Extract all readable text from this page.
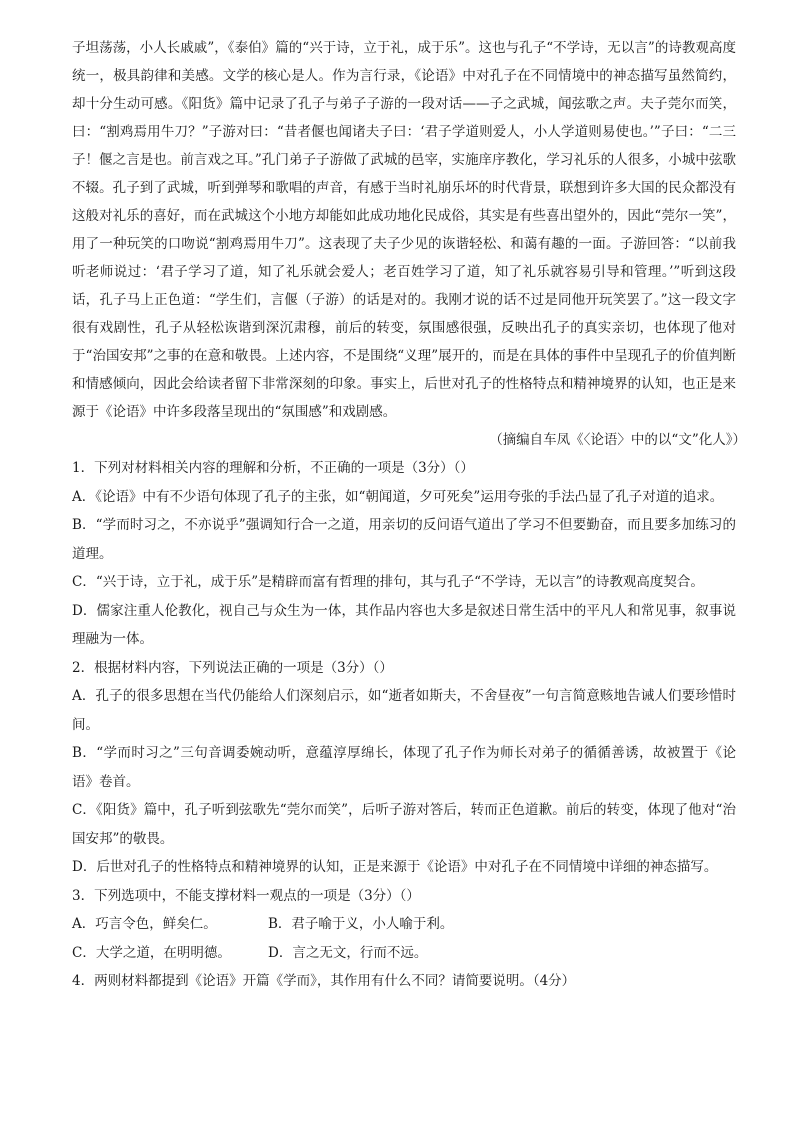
子坦荡荡，小人长戚戚”，《泰伯》篇的“兴于诗，立于礼，成于乐”。这也与孔子“不学诗，无以言”的诗教观高度统一，极具韵律和美感。文学的核心是人。作为言行录，《论语》中对孔子在不同情境中的神态描写虽然简约，却十分生动可感。《阳货》篇中记录了孔子与弟子子游的一段对话——子之武城，闻弦歌之声。夫子莞尔而笑，曰：“割鸡焉用牛刀？”子游对曰：“昔者偃也闻诸夫子曰：‘君子学道则爱人，小人学道则易使也。’”子曰：“二三子！偃之言是也。前言戏之耳。”孔门弟子子游做了武城的邑宰，实施庠序教化，学习礼乐的人很多，小城中弦歌不辍。孔子到了武城，听到弹琴和歌唱的声音，有感于当时礼崩乐坏的时代背景，联想到许多大国的民众都没有这般对礼乐的喜好，而在武城这个小地方却能如此成功地化民成俗，其实是有些喜出望外的，因此“莞尔一笑”，用了一种玩笑的口吻说“割鸡焉用牛刀”。这表现了夫子少见的诙谐轻松、和蔼有趣的一面。子游回答：“以前我听老师说过：‘君子学习了道，知了礼乐就会爱人；老百姓学习了道，知了礼乐就容易引导和管理。’”听到这段话，孔子马上正色道：“学生们，言偃（子游）的话是对的。我刚才说的话不过是同他开玩笑罢了。”这一段文字很有戏剧性，孔子从轻松诙谐到深沉肃穆，前后的转变，氛围感很强，反映出孔子的真实亲切，也体现了他对于“治国安邦”之事的在意和敬畏。上述内容，不是围绕“义理”展开的，而是在具体的事件中呈现孔子的价值判断和情感倾向，因此会给读者留下非常深刻的印象。事实上，后世对孔子的性格特点和精神境界的认知，也正是来源于《论语》中许多段落呈现出的“氛围感”和戏剧感。

（摘编自车凤《〈论语〉中的以“文”化人》）

1．下列对材料相关内容的理解和分析，不正确的一项是（3分）（）

A．《论语》中有不少语句体现了孔子的主张，如“朝闻道，夕可死矣”运用夸张的手法凸显了孔子对道的追求。

B．“学而时习之，不亦说乎”强调知行合一之道，用亲切的反问语气道出了学习不但要勤奋，而且要多加练习的道理。

C．“兴于诗，立于礼，成于乐”是精辟而富有哲理的排句，其与孔子“不学诗，无以言”的诗教观高度契合。

D．儒家注重人伦教化，视自己与众生为一体，其作品内容也大多是叙述日常生活中的平凡人和常见事，叙事说理融为一体。

2．根据材料内容，下列说法正确的一项是（3分）（）

A．孔子的很多思想在当代仍能给人们深刻启示，如“逝者如斯夫，不舍昼夜”一句言简意赅地告诫人们要珍惜时间。

B．“学而时习之”三句音调委婉动听，意蕴淳厚绵长，体现了孔子作为师长对弟子的循循善诱，故被置于《论语》卷首。

C．《阳货》篇中，孔子听到弦歌先“莞尔而笑”，后听子游对答后，转而正色道歉。前后的转变，体现了他对“治国安邦”的敬畏。

D．后世对孔子的性格特点和精神境界的认知，正是来源于《论语》中对孔子在不同情境中详细的神态描写。

3．下列选项中，不能支撑材料一观点的一项是（3分）（）

A．巧言令色，鲜矣仁。	B．君子喻于义，小人喻于利。
C．大学之道，在明明德。	D．言之无文，行而不远。

4．两则材料都提到《论语》开篇《学而》，其作用有什么不同？请简要说明。（4分）
